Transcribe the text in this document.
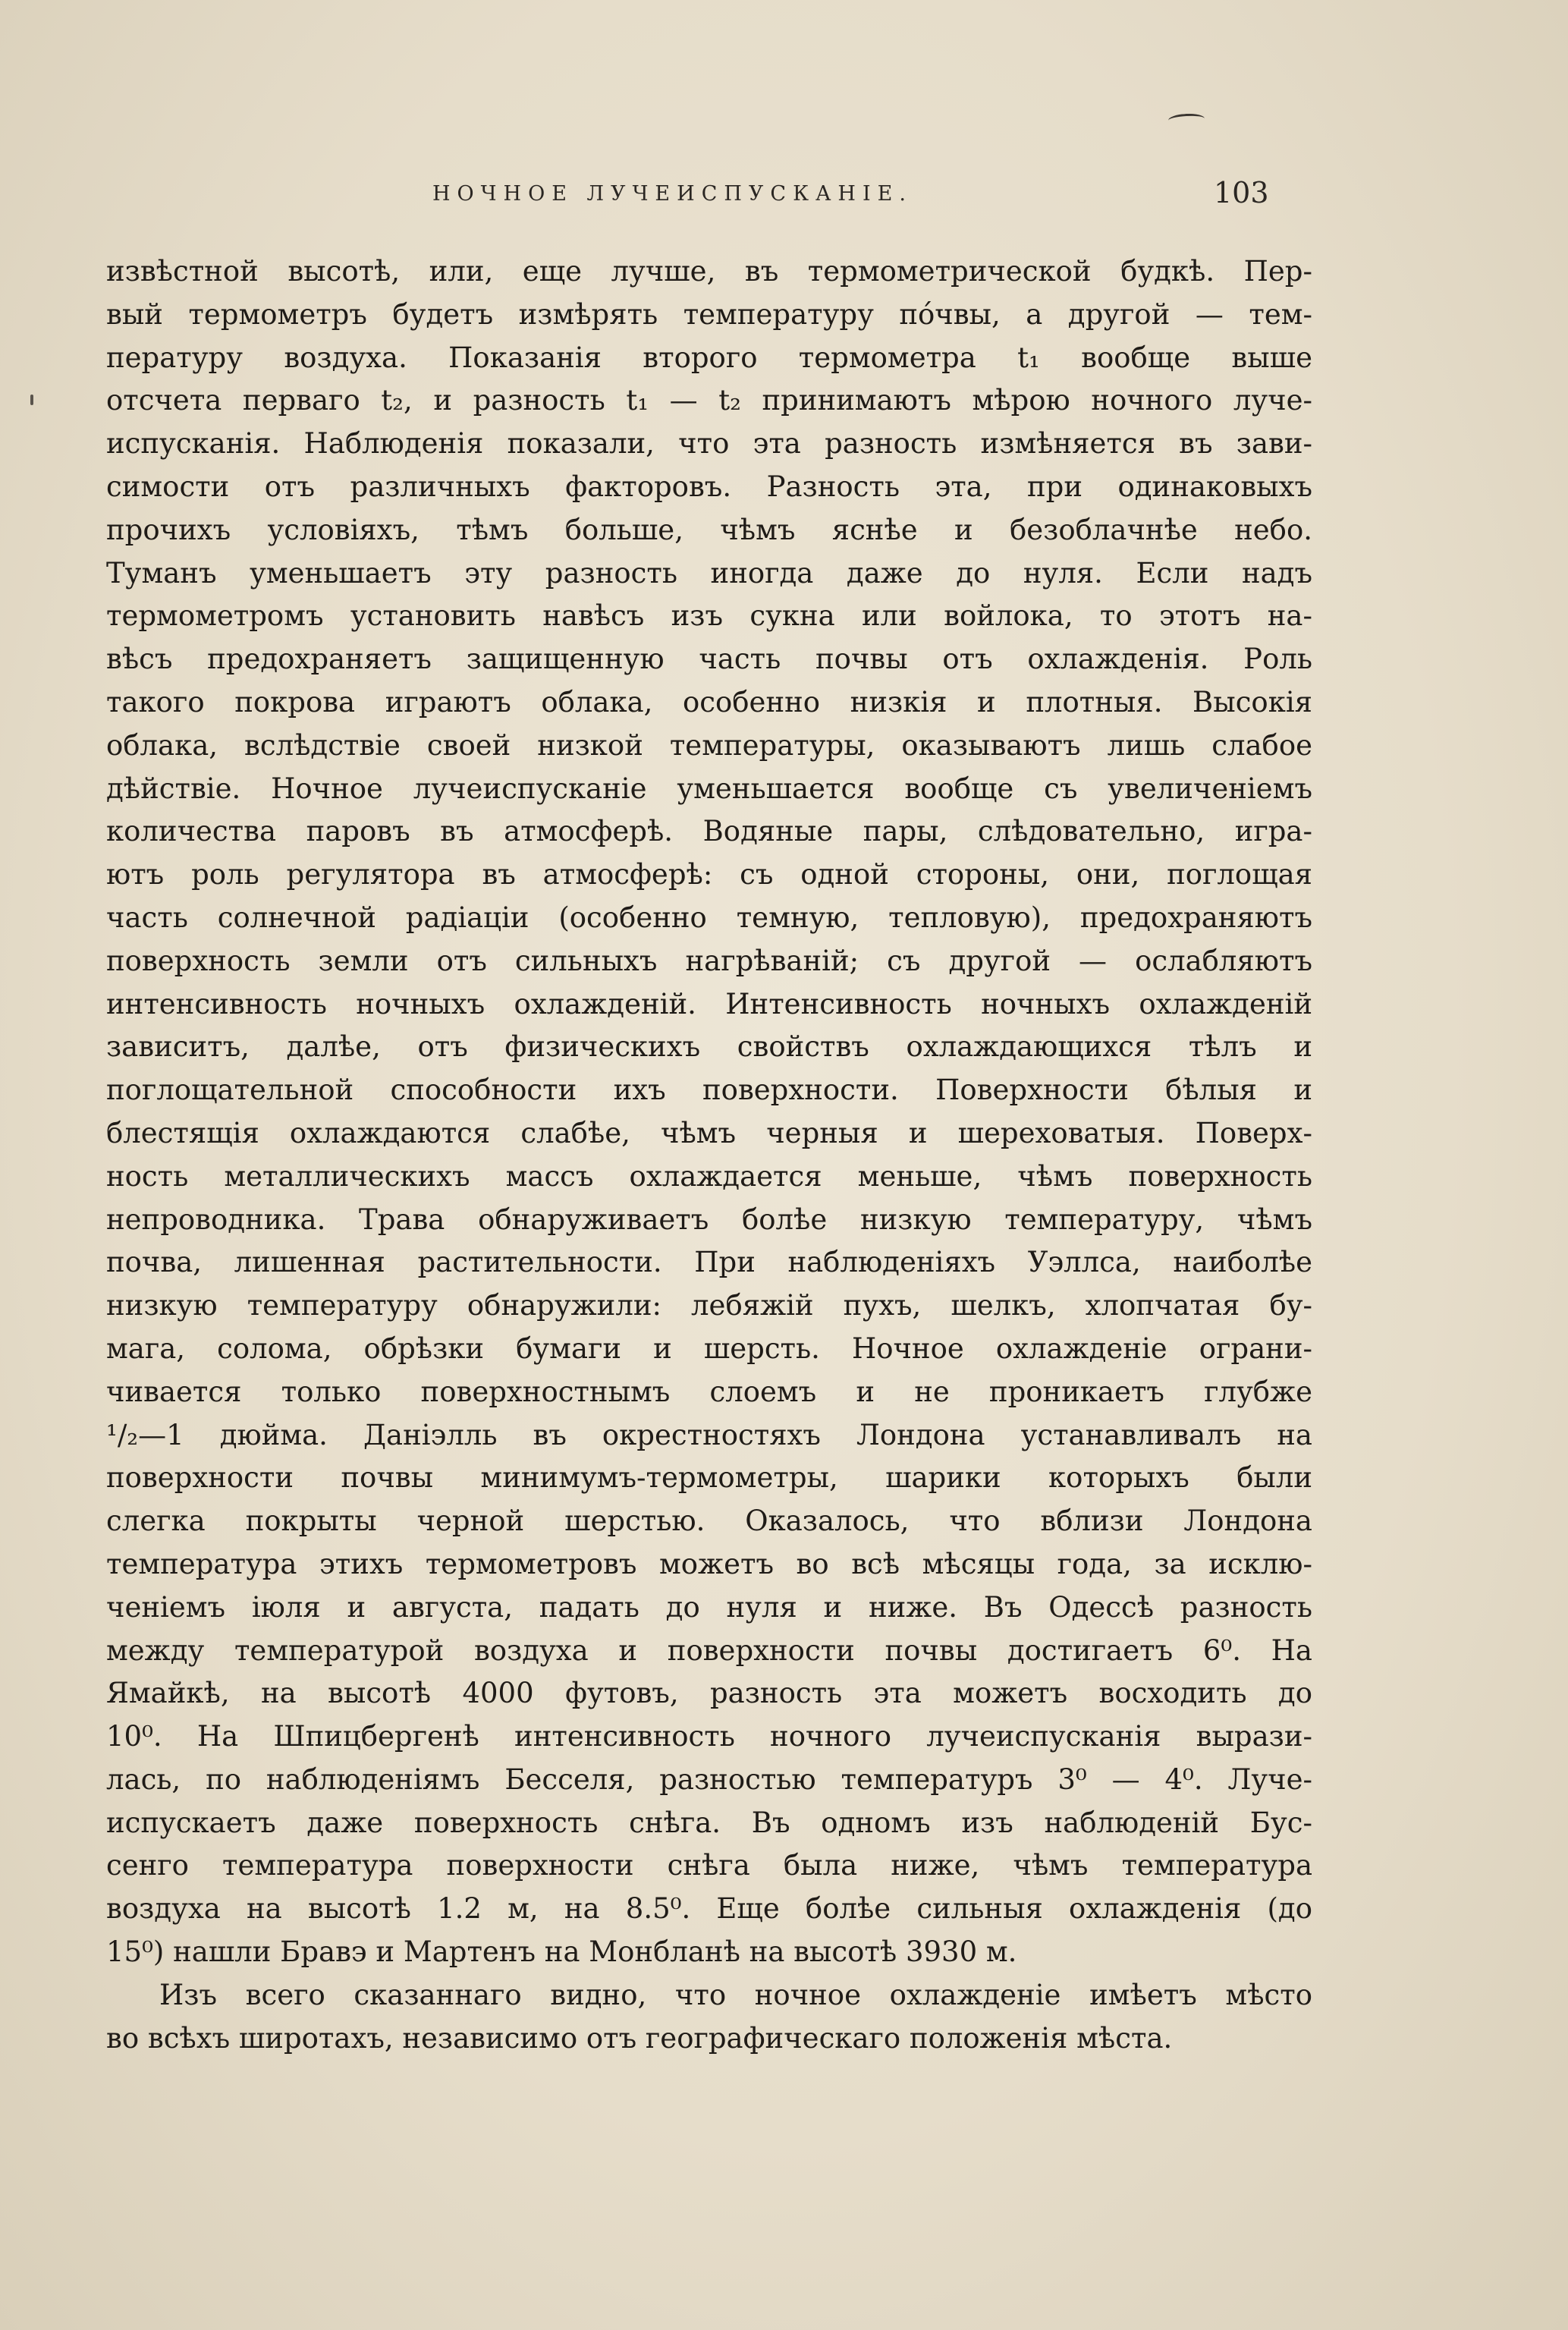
НОЧНОЕ ЛУЧЕИСПУСКАНІЕ.	103
извѣстной высотѣ, или, еще лучше, въ термометрической будкѣ. Пер-
вый термометръ будетъ измѣрять температуру пóчвы, а другой — тем-
пературу воздуха. Показанія второго термометра t₁ вообще выше
отсчета перваго t₂, и разность t₁ — t₂ принимаютъ мѣрою ночного луче-
испусканія. Наблюденія показали, что эта разность измѣняется въ зави-
симости отъ различныхъ факторовъ. Разность эта, при одинаковыхъ
прочихъ условіяхъ, тѣмъ больше, чѣмъ яснѣе и безоблачнѣе небо.
Туманъ уменьшаетъ эту разность иногда даже до нуля. Если надъ
термометромъ установить навѣсъ изъ сукна или войлока, то этотъ на-
вѣсъ предохраняетъ защищенную часть почвы отъ охлажденія. Роль
такого покрова играютъ облака, особенно низкія и плотныя. Высокія
облака, вслѣдствіе своей низкой температуры, оказываютъ лишь слабое
дѣйствіе. Ночное лучеиспусканіе уменьшается вообще съ увеличеніемъ
количества паровъ въ атмосферѣ. Водяные пары, слѣдовательно, игра-
ютъ роль регулятора въ атмосферѣ: съ одной стороны, они, поглощая
часть солнечной радіаціи (особенно темную, тепловую), предохраняютъ
поверхность земли отъ сильныхъ нагрѣваній; съ другой — ослабляютъ
интенсивность ночныхъ охлажденій. Интенсивность ночныхъ охлажденій
зависитъ, далѣе, отъ физическихъ свойствъ охлаждающихся тѣлъ и
поглощательной способности ихъ поверхности. Поверхности бѣлыя и
блестящія охлаждаются слабѣе, чѣмъ черныя и шереховатыя. Поверх-
ность металлическихъ массъ охлаждается меньше, чѣмъ поверхность
непроводника. Трава обнаруживаетъ болѣе низкую температуру, чѣмъ
почва, лишенная растительности. При наблюденіяхъ Уэллса, наиболѣе
низкую температуру обнаружили: лебяжій пухъ, шелкъ, хлопчатая бу-
мага, солома, обрѣзки бумаги и шерсть. Ночное охлажденіе ограни-
чивается только поверхностнымъ слоемъ и не проникаетъ глубже
¹/₂—1 дюйма. Даніэлль въ окрестностяхъ Лондона устанавливалъ на
поверхности почвы минимумъ-термометры, шарики которыхъ были
слегка покрыты черной шерстью. Оказалось, что вблизи Лондона
температура этихъ термометровъ можетъ во всѣ мѣсяцы года, за исклю-
ченіемъ іюля и августа, падать до нуля и ниже. Въ Одессѣ разность
между температурой воздуха и поверхности почвы достигаетъ 6⁰. На
Ямайкѣ, на высотѣ 4000 футовъ, разность эта можетъ восходить до
10⁰. На Шпицбергенѣ интенсивность ночного лучеиспусканія вырази-
лась, по наблюденіямъ Бесселя, разностью температуръ 3⁰ — 4⁰. Луче-
испускаетъ даже поверхность снѣга. Въ одномъ изъ наблюденій Бус-
сенго температура поверхности снѣга была ниже, чѣмъ температура
воздуха на высотѣ 1.2 м, на 8.5⁰. Еще болѣе сильныя охлажденія (до
15⁰) нашли Бравэ и Мартенъ на Монбланѣ на высотѣ 3930 м.
Изъ всего сказаннаго видно, что ночное охлажденіе имѣетъ мѣсто
во всѣхъ широтахъ, независимо отъ географическаго положенія мѣста.
